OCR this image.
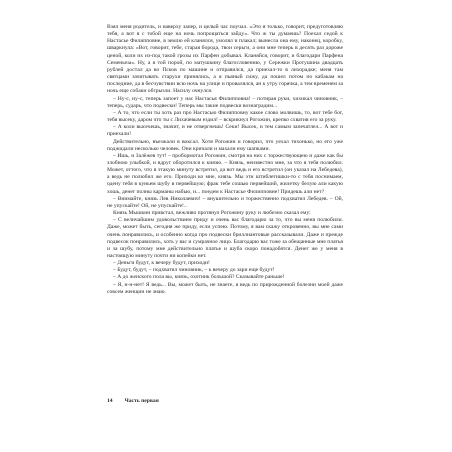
Взял меня родитель, и наверху запер, и целый час поучал. «Это я только, говорит, предуготовляю тебя, а вот я с тобой еще на ночь попрощаться зайду». Что ж ты думаешь? Поехал седой к Настасье Филипповне, в землю ей кланялся, умолял и плакал; вынесла она ему, наконец, коробку, шваркнула: «Вот, говорит, тебе, старая борода, твои серьги, а они мне теперь в десять раз дороже ценой, коли их из-под такой грозы их Парфен добывал. Кланяйся, говорит, и благодари Парфена Семеныча». Ну, а я той порой, по матушкину благословению, у Сережки Протушина двадцать рублей достал да во Псков по машине и отправился, да приехал-то в лихорадке; меня там святцами зачитывать старухи принялись, а я пьяный сижу, да пошел потом по кабакам на последние, да в бесчувствии всю ночь на улице и провалялся, ан к утру горячка, а тем временем за ночь еще собаки обгрызли. Насилу очнулся.

– Ну-с, ну-с, теперь запоет у нас Настасья Филипповна! – потирая руки, хихикал чиновник, – теперь, сударь, что подвески! Теперь мы такие подвески вознаградим...

– А то, что если ты хоть раз про Настасью Филипповну какое слово молвишь, то, вот тебе бог, тебя высеку, даром что ты с Лихачевым ездил! – вскрикнул Рогожин, крепко схватив его за руку.

– А коли высечешь, значит, и не отвергнешь! Секи! Высек, и тем самым запечатлел... А вот и приехали!

Действительно, въезжали в воксал. Хотя Рогожин и говорил, что уехал тихонько, но его уже поджидали несколько человек. Они кричали и махали ему шапками.

– Ишь, и Залёжев тут! – пробормотал Рогожин, смотря на них с торжествующею и даже как бы злобною улыбкой, и вдруг оборотился к князю. – Князь, неизвестно мне, за что я тебя полюбил. Может, оттого, что в этакую минуту встретил, да вот ведь и его встретил (он указал на Лебедева), а ведь не полюбил же его. Приходи ко мне, князь. Мы эти штиблетишки-то с тебя поснимаем, одену тебя в куньем шубу в первейшую; фрак тебе сошью первейший, жилетку белую али какую хошь, денег полны карманы набью, и... поедем к Настасье Филипповне! Придешь али нет?

– Внимайте, князь Лев Николаевич! – внушительно и торжественно подхватил Лебедев. – Ой, не упускайте! Ой, не упускайте!..

Князь Мышкин привстал, вежливо протянул Рогожину руку и любезно сказал ему:

– С величайшим удовольствием приду и очень вас благодарю за то, что вы меня полюбили. Даже, может быть, сегодня же приду, если успею. Потому, я вам скажу откровенно, вы мне сами очень понравились, и особенно когда про подвески бриллиантовые рассказывали. Даже и прежде подвесок понравились, хоть у вас и сумрачное лицо. Благодарю вас тоже за обещанные мне платья и за шубу, потому мне действительно платье и шуба скоро понадобятся. Денег же у меня в настоящую минуту почти ни копейки нет.

– Деньги будут, к вечеру будут, приходи!

– Будут, будут, – подхватил чиновник, – к вечеру до зари еще будут!

– А до женского пола вы, князь, охотник большой? Сказывайте раньше!

– Я, н-н-нет! Я ведь... Вы, может быть, не знаете, я ведь по прирожденной болезни моей даже совсем женщин не знаю.

14 Часть первая
